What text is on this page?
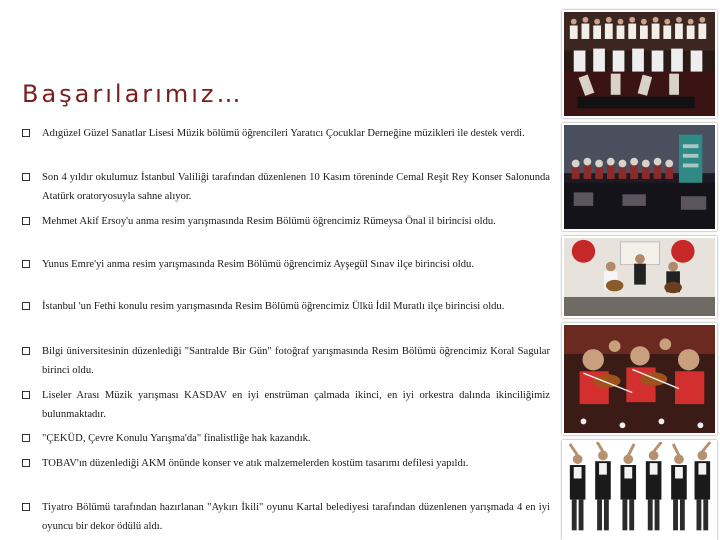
Başarılarımız…
Adıgüzel Güzel Sanatlar Lisesi Müzik bölümü öğrencileri Yaratıcı Çocuklar Derneğine müzikleri ile destek verdi.
Son 4 yıldır okulumuz İstanbul Valiliği tarafından düzenlenen 10 Kasım töreninde Cemal Reşit Rey Konser Salonunda Atatürk oratoryosuyla sahne alıyor.
Mehmet Akif Ersoy'u anma resim yarışmasında Resim Bölümü öğrencimiz Rümeysa Önal il birincisi oldu.
Yunus Emre'yi anma resim yarışmasında Resim Bölümü öğrencimiz Ayşegül Sınav ilçe birincisi oldu.
İstanbul 'un Fethi konulu resim yarışmasında Resim Bölümü öğrencimiz Ülkü İdil Muratlı ilçe birincisi oldu.
Bilgi üniversitesinin düzenlediği "Santralde Bir Gün" fotoğraf yarışmasında Resim Bölümü öğrencimiz Koral Sagular birinci oldu.
Liseler Arası Müzik yarışması KASDAV en iyi enstrüman çalmada ikinci, en iyi orkestra dalında ikinciliğimiz bulunmaktadır.
"ÇEKÜD, Çevre Konulu Yarışma'da" finalistliğe hak kazandık.
TOBAV'ın düzenlediği AKM önünde konser ve atık malzemelerden kostüm tasarımı defilesi yapıldı.
Tiyatro Bölümü tarafından hazırlanan "Aykırı İkili" oyunu Kartal belediyesi tarafından düzenlenen yarışmada 4 en iyi oyuncu bir dekor ödülü aldı.
